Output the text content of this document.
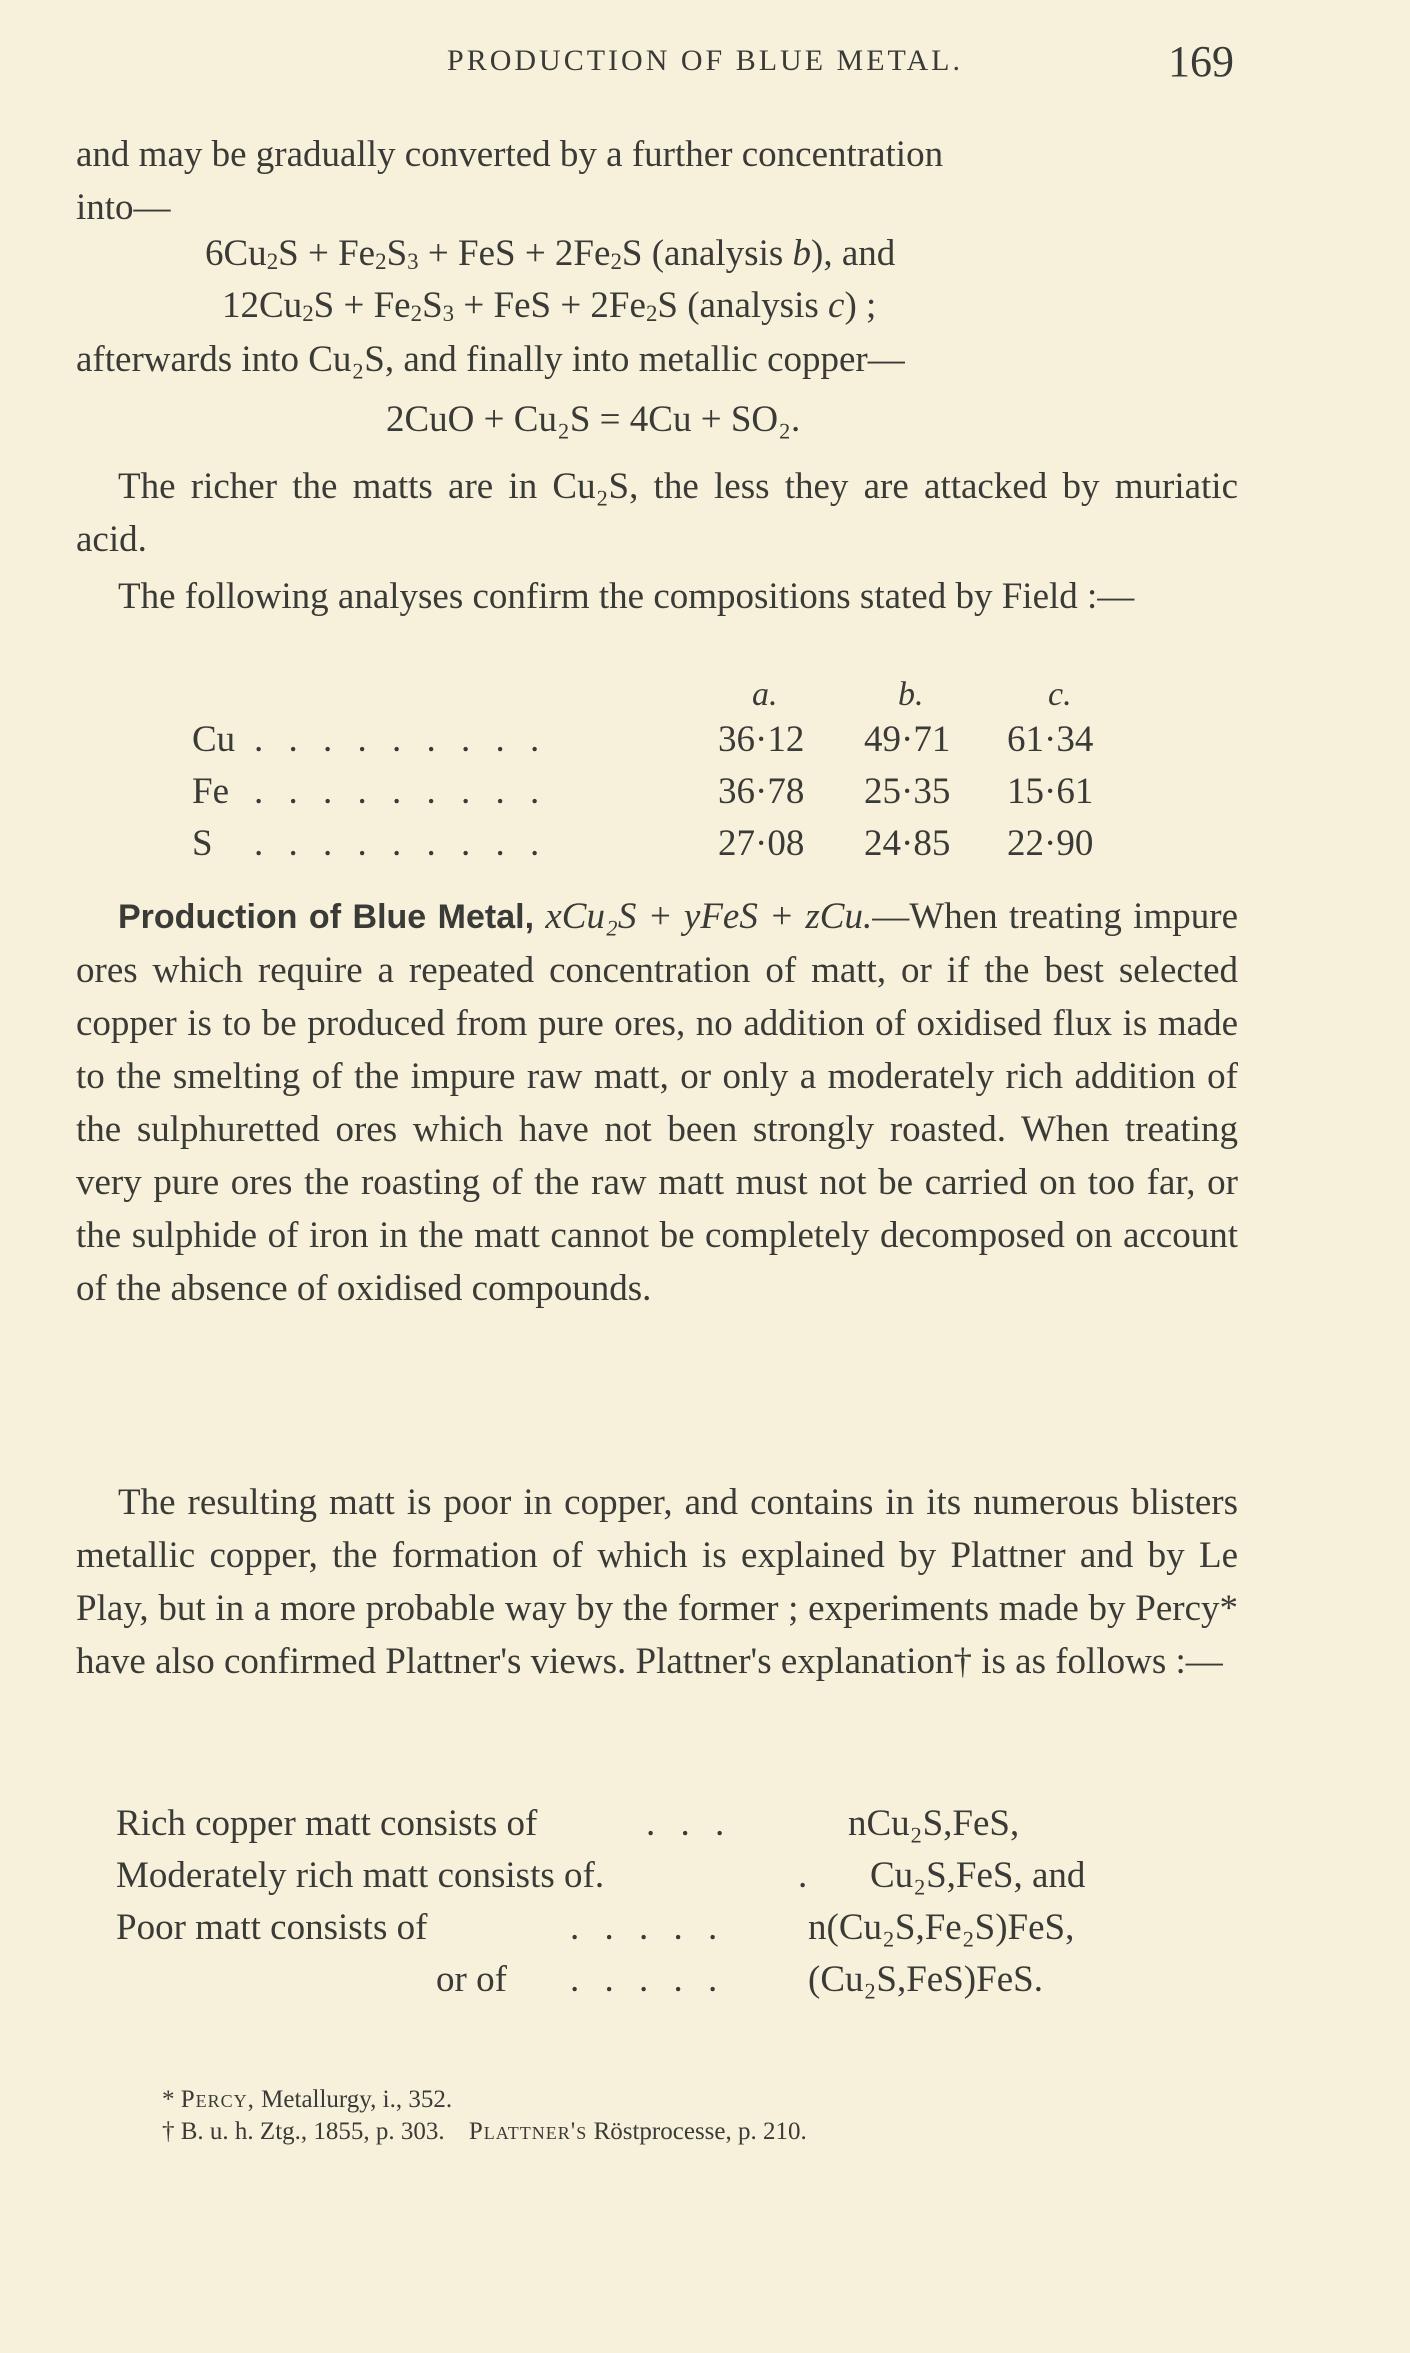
PRODUCTION OF BLUE METAL.	169
and may be gradually converted by a further concentration
into—
$6Cu_2S + Fe_2S_3$ + FeS + $2Fe_2S$ (analysis b), and
$12Cu_2S + Fe_2S_3$ + FeS + $2Fe_2S$ (analysis c) ;
afterwards into Cu₂S, and finally into metallic copper—
2CuO + Cu₂S = 4Cu + SO₂.
The richer the matts are in Cu₂S, the less they are attacked by muriatic acid.
The following analyses confirm the compositions stated by Field :—
a.	b.	c.
Cu . . . . . . . . .	36·12 49·71 61·34
Fe . . . . . . . . .	36·78 25·35 15·61
S . . . . . . . . .	27·08 24·85 22·90
Production of Blue Metal, xCu₂S + yFeS + zCu.—When treating impure ores which require a repeated concentration of matt, or if the best selected copper is to be produced from pure ores, no addition of oxidised flux is made to the smelting of the impure raw matt, or only a moderately rich addition of the sulphuretted ores which have not been strongly roasted. When treating very pure ores the roasting of the raw matt must not be carried on too far, or the sulphide of iron in the matt cannot be completely decomposed on account of the absence of oxidised compounds.
The resulting matt is poor in copper, and contains in its numerous blisters metallic copper, the formation of which is explained by Plattner and by Le Play, but in a more probable way by the former ; experiments made by Percy* have also confirmed Plattner's views. Plattner's explanation† is as follows :—
Rich copper matt consists of	. . .	nCu₂S,FeS,
Moderately rich matt consists of.	. Cu₂S,FeS, and
Poor matt consists of	. . . . . n(Cu₂S,Fe₂S)FeS,
or of . . . . . (Cu₂S,FeS)FeS.
* Percy, Metallurgy, i., 352.
† B. u. h. Ztg., 1855, p. 303. Plattner's Röstprocesse, p. 210.
